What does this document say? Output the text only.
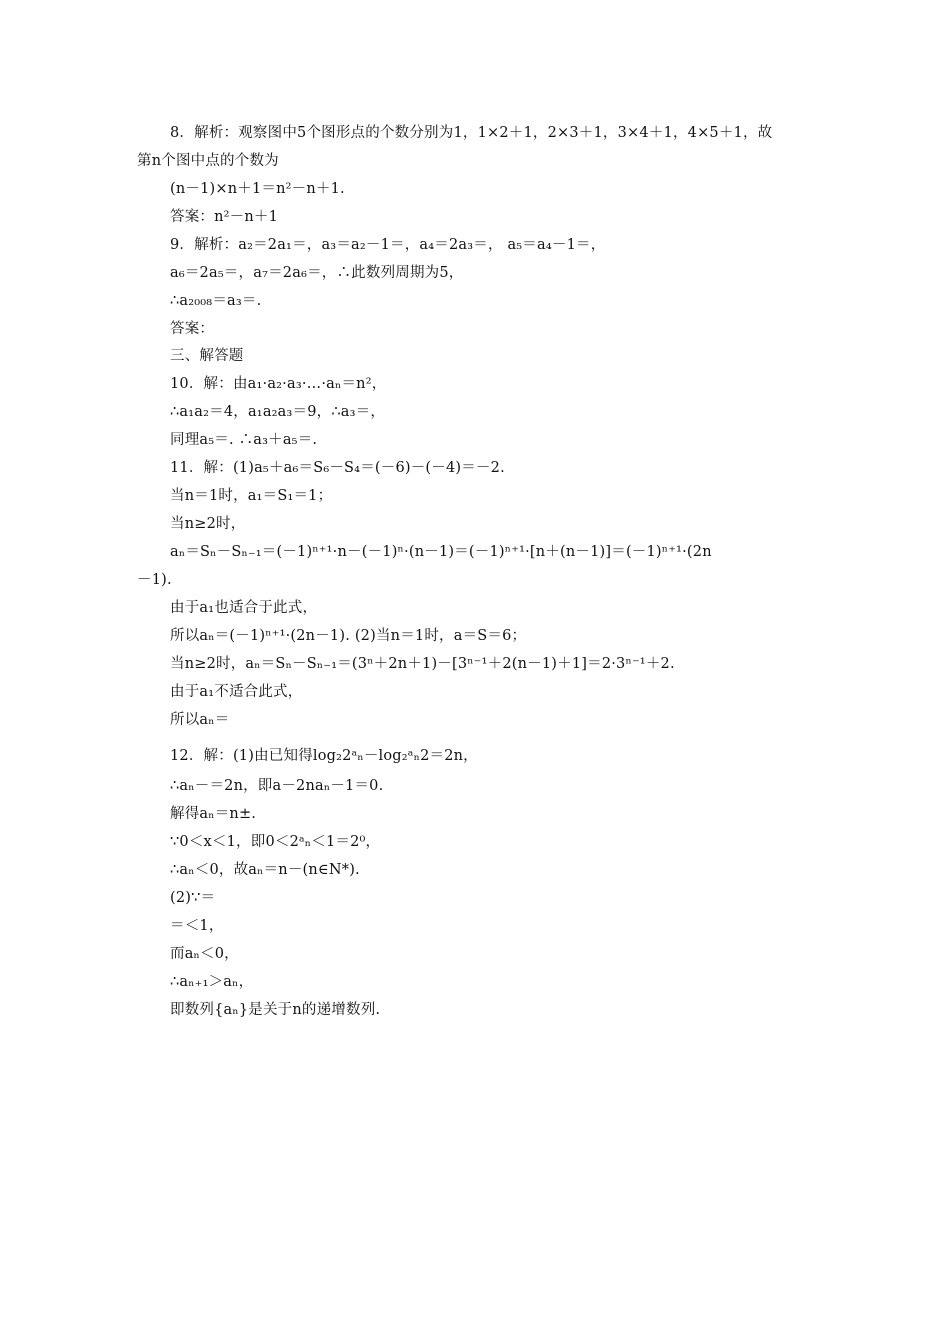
8．解析：观察图中5个图形点的个数分别为1，1×2＋1，2×3＋1，3×4＋1，4×5＋1，故
第n个图中点的个数为
(n－1)×n＋1＝n²－n＋1.
答案：n²－n＋1
9．解析：a₂＝2a₁＝，a₃＝a₂－1＝，a₄＝2a₃＝， a₅＝a₄－1＝，
a₆＝2a₅＝，a₇＝2a₆＝，∴此数列周期为5，
∴a₂₀₀₈＝a₃＝.
答案：
三、解答题
10．解：由a₁·a₂·a₃·…·aₙ＝n²，
∴a₁a₂＝4，a₁a₂a₃＝9，∴a₃＝，
同理a₅＝. ∴a₃＋a₅＝.
11．解：(1)a₅＋a₆＝S₆－S₄＝(－6)－(－4)＝－2.
当n＝1时，a₁＝S₁＝1；
当n≥2时，
aₙ＝Sₙ－Sₙ₋₁＝(－1)ⁿ⁺¹·n－(－1)ⁿ·(n－1)＝(－1)ⁿ⁺¹·[n＋(n－1)]＝(－1)ⁿ⁺¹·(2n
－1).
由于a₁也适合于此式，
所以aₙ＝(－1)ⁿ⁺¹·(2n－1). (2)当n＝1时，a＝S＝6；
当n≥2时，aₙ＝Sₙ－Sₙ₋₁＝(3ⁿ＋2n＋1)－[3ⁿ⁻¹＋2(n－1)＋1]＝2·3ⁿ⁻¹＋2.
由于a₁不适合此式，
所以aₙ＝
12．解：(1)由已知得log₂2ᵃₙ－log₂ᵃₙ2＝2n，
∴aₙ－＝2n，即a－2naₙ－1＝0.
解得aₙ＝n±.
∵0＜x＜1，即0＜2ᵃₙ＜1＝2⁰，
∴aₙ＜0，故aₙ＝n－(n∈N*).
(2)∵＝
＝＜1，
而aₙ＜0，
∴aₙ₊₁＞aₙ，
即数列{aₙ}是关于n的递增数列.
